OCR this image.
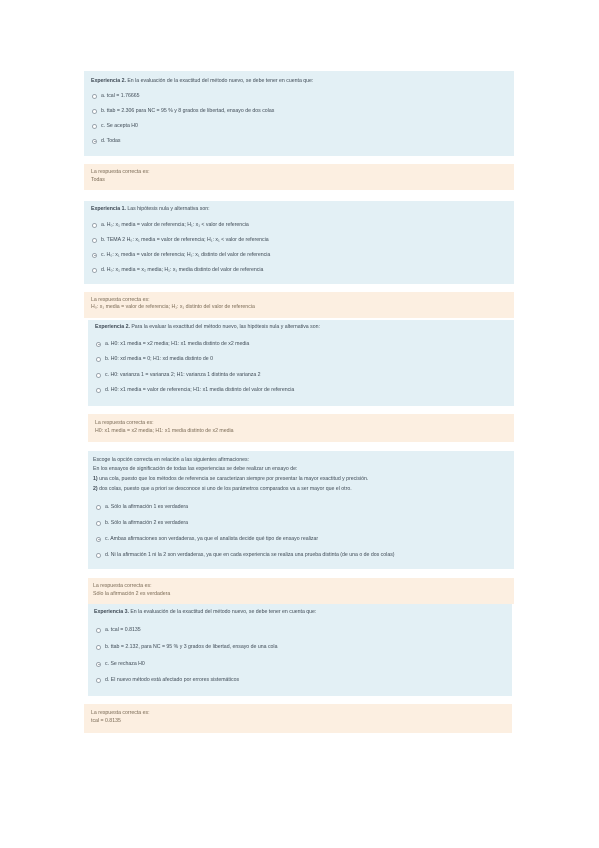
Experiencia 2. En la evaluación de la exactitud del método nuevo, se debe tener en cuenta que:
a. tcal = 1.76665
b. ttab = 2.306 para NC = 95 % y 8 grados de libertad, ensayo de dos colas
c. Se acepta H0
d. Todas
La respuesta correcta es:
Todas
Experiencia 1. Las hipótesis nula y alternativa son:
a. H₀: x₁ media = valor de referencia; H₁: x₁ < valor de referencia
b. TEMA 2 H₀: x₁ media = valor de referencia; H₁: x₁ < valor de referencia
c. H₀: x₁ media = valor de referencia; H₁: x₁ distinto del valor de referencia
d. H₀: x₁ media = x₂ media; H₁: x₁ media distinto del valor de referencia
La respuesta correcta es:
H₀: x₁ media = valor de referencia; H₁: x₁ distinto del valor de referencia
Experiencia 2. Para la evaluar la exactitud del método nuevo, las hipótesis nula y alternativa son:
a. H0: x1 media = x2 media; H1: x1 media distinto de x2 media
b. H0: xd media = 0; H1: xd media distinto de 0
c. H0: varianza 1 = varianza 2; H1: varianza 1 distinta de varianza 2
d. H0: x1 media = valor de referencia; H1: x1 media distinto del valor de referencia
La respuesta correcta es:
H0: x1 media = x2 media; H1: x1 media distinto de x2 media
Escoge la opción correcta en relación a las siguientes afirmaciones:
En los ensayos de significación de todas las experiencias se debe realizar un ensayo de:
1) una cola, puesto que los métodos de referencia se caracterizan siempre por presentar la mayor exactitud y precisión.
2) dos colas, puesto que a priori se desconoce si uno de los parámetros comparados va a ser mayor que el otro.
a. Sólo la afirmación 1 es verdadera
b. Sólo la afirmación 2 es verdadera
c. Ambas afirmaciones son verdaderas, ya que el analista decide qué tipo de ensayo realizar
d. Ni la afirmación 1 ni la 2 son verdaderas, ya que en cada experiencia se realiza una prueba distinta (de una o de dos colas)
La respuesta correcta es:
Sólo la afirmación 2 es verdadera
Experiencia 3. En la evaluación de la exactitud del método nuevo, se debe tener en cuenta que:
a. tcal = 0.8135
b. ttab = 2.132, para NC = 95 % y 3 grados de libertad, ensayo de una cola
c. Se rechaza H0
d. El nuevo método está afectado por errores sistemáticos
La respuesta correcta es:
tcal = 0.8135
